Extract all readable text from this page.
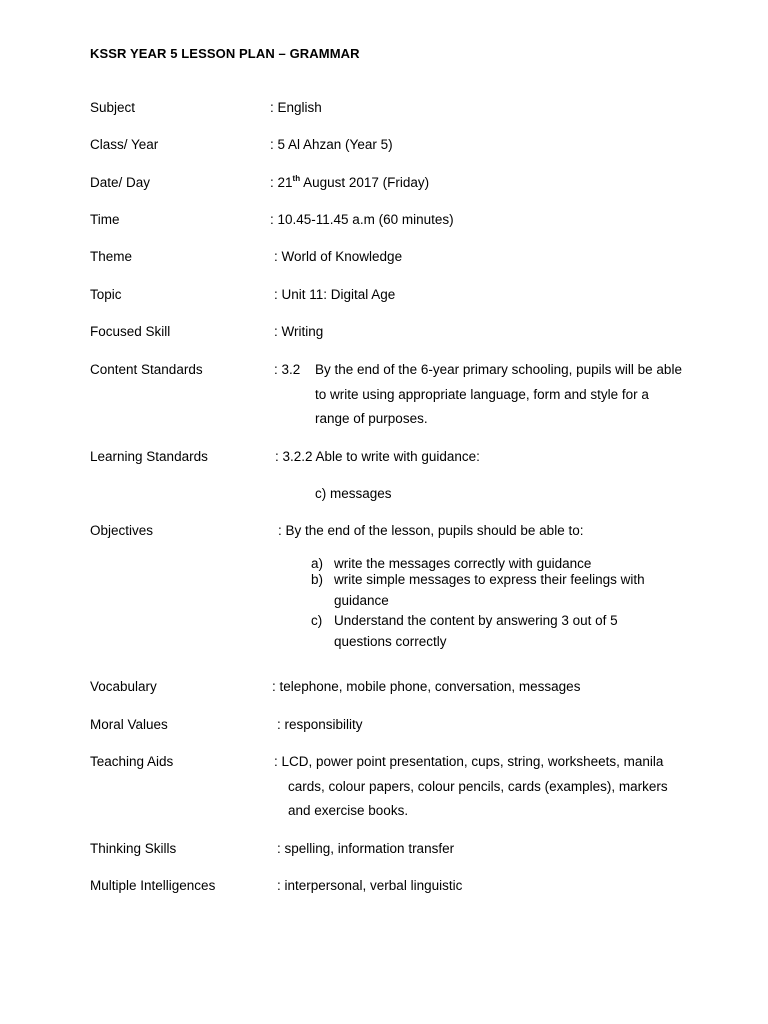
KSSR YEAR 5 LESSON PLAN – GRAMMAR
Subject	: English
Class/ Year	: 5 Al Ahzan (Year 5)
Date/ Day	: 21th August 2017 (Friday)
Time	: 10.45-11.45 a.m (60 minutes)
Theme	: World of Knowledge
Topic	: Unit 11: Digital Age
Focused Skill	: Writing
Content Standards	: 3.2	By the end of the 6-year primary schooling, pupils will be able to write using appropriate language, form and style for a range of purposes.
Learning Standards	: 3.2.2 Able to write with guidance:
c) messages
Objectives	: By the end of the lesson, pupils should be able to:
a) write the messages correctly with guidance
b) write simple messages to express their feelings with
guidance
c) Understand the content by answering 3 out of 5
questions correctly
Vocabulary	: telephone, mobile phone, conversation, messages
Moral Values	: responsibility
Teaching Aids	: LCD, power point presentation, cups, string, worksheets, manila
cards, colour papers, colour pencils, cards (examples), markers
and exercise books.
Thinking Skills	: spelling, information transfer
Multiple Intelligences	: interpersonal, verbal linguistic
